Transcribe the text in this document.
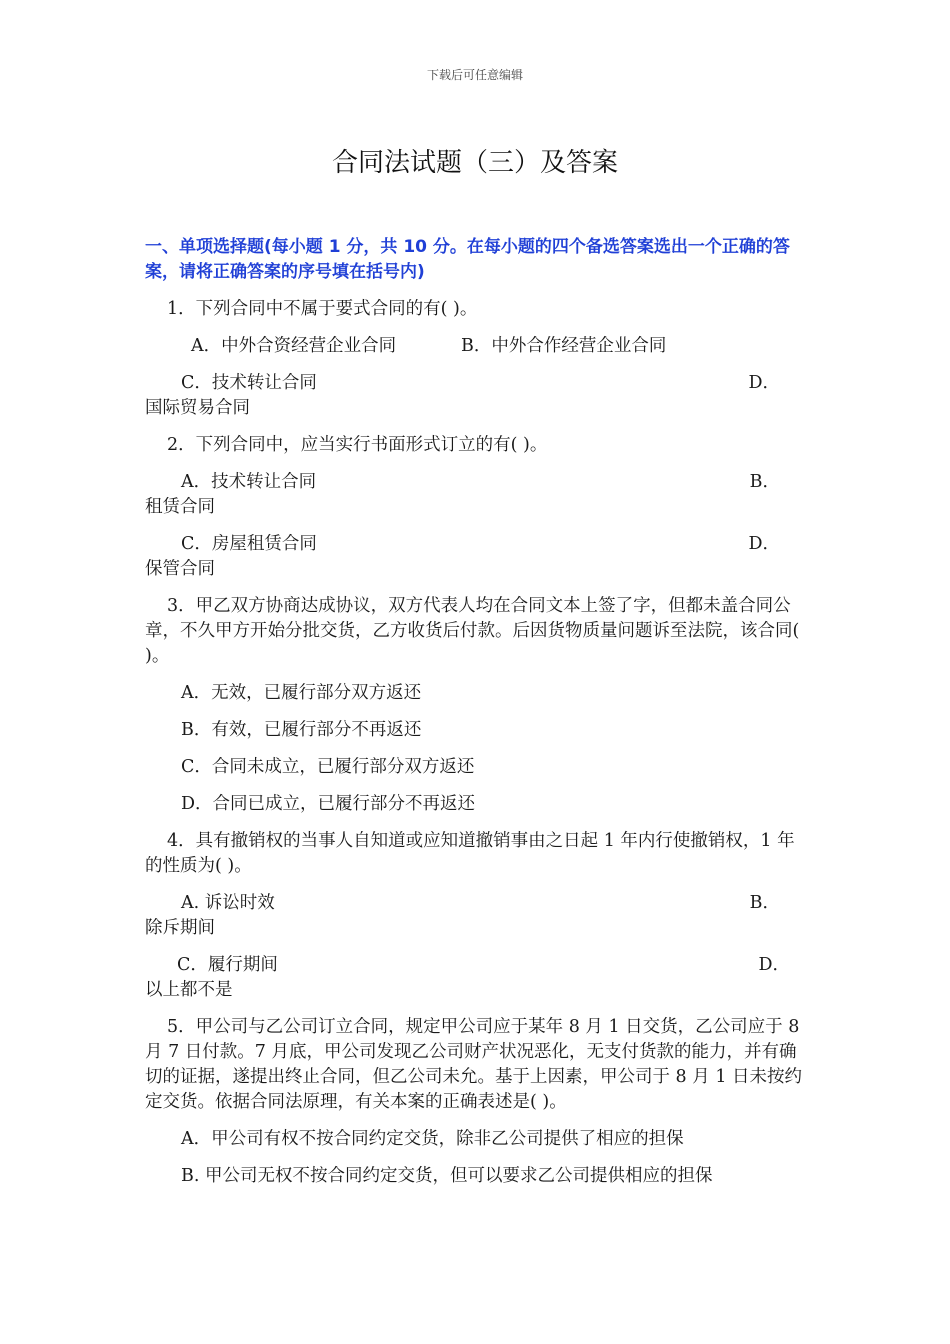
下载后可任意编辑
合同法试题（三）及答案
一、单项选择题(每小题 1 分，共 10 分。在每小题的四个备选答案选出一个正确的答案，请将正确答案的序号填在括号内)
1．下列合同中不属于要式合同的有( )。
A．中外合资经营企业合同	B．中外合作经营企业合同
C．技术转让合同	D．
国际贸易合同
2．下列合同中，应当实行书面形式订立的有( )。
A．技术转让合同	B．
租赁合同
C．房屋租赁合同	D．
保管合同
3．甲乙双方协商达成协议，双方代表人均在合同文本上签了字，但都未盖合同公章，不久甲方开始分批交货，乙方收货后付款。后因货物质量问题诉至法院，该合同( )。
A．无效，已履行部分双方返还
B．有效，已履行部分不再返还
C．合同未成立，已履行部分双方返还
D．合同已成立，已履行部分不再返还
4．具有撤销权的当事人自知道或应知道撤销事由之日起 1 年内行使撤销权，1 年的性质为( )。
A. 诉讼时效	B．
除斥期间
C．履行期间	D．
以上都不是
5．甲公司与乙公司订立合同，规定甲公司应于某年 8 月 1 日交货，乙公司应于 8 月 7 日付款。7 月底，甲公司发现乙公司财产状况恶化，无支付货款的能力，并有确切的证据，遂提出终止合同，但乙公司未允。基于上因素，甲公司于 8 月 1 日未按约定交货。依据合同法原理，有关本案的正确表述是( )。
A．甲公司有权不按合同约定交货，除非乙公司提供了相应的担保
B. 甲公司无权不按合同约定交货，但可以要求乙公司提供相应的担保
